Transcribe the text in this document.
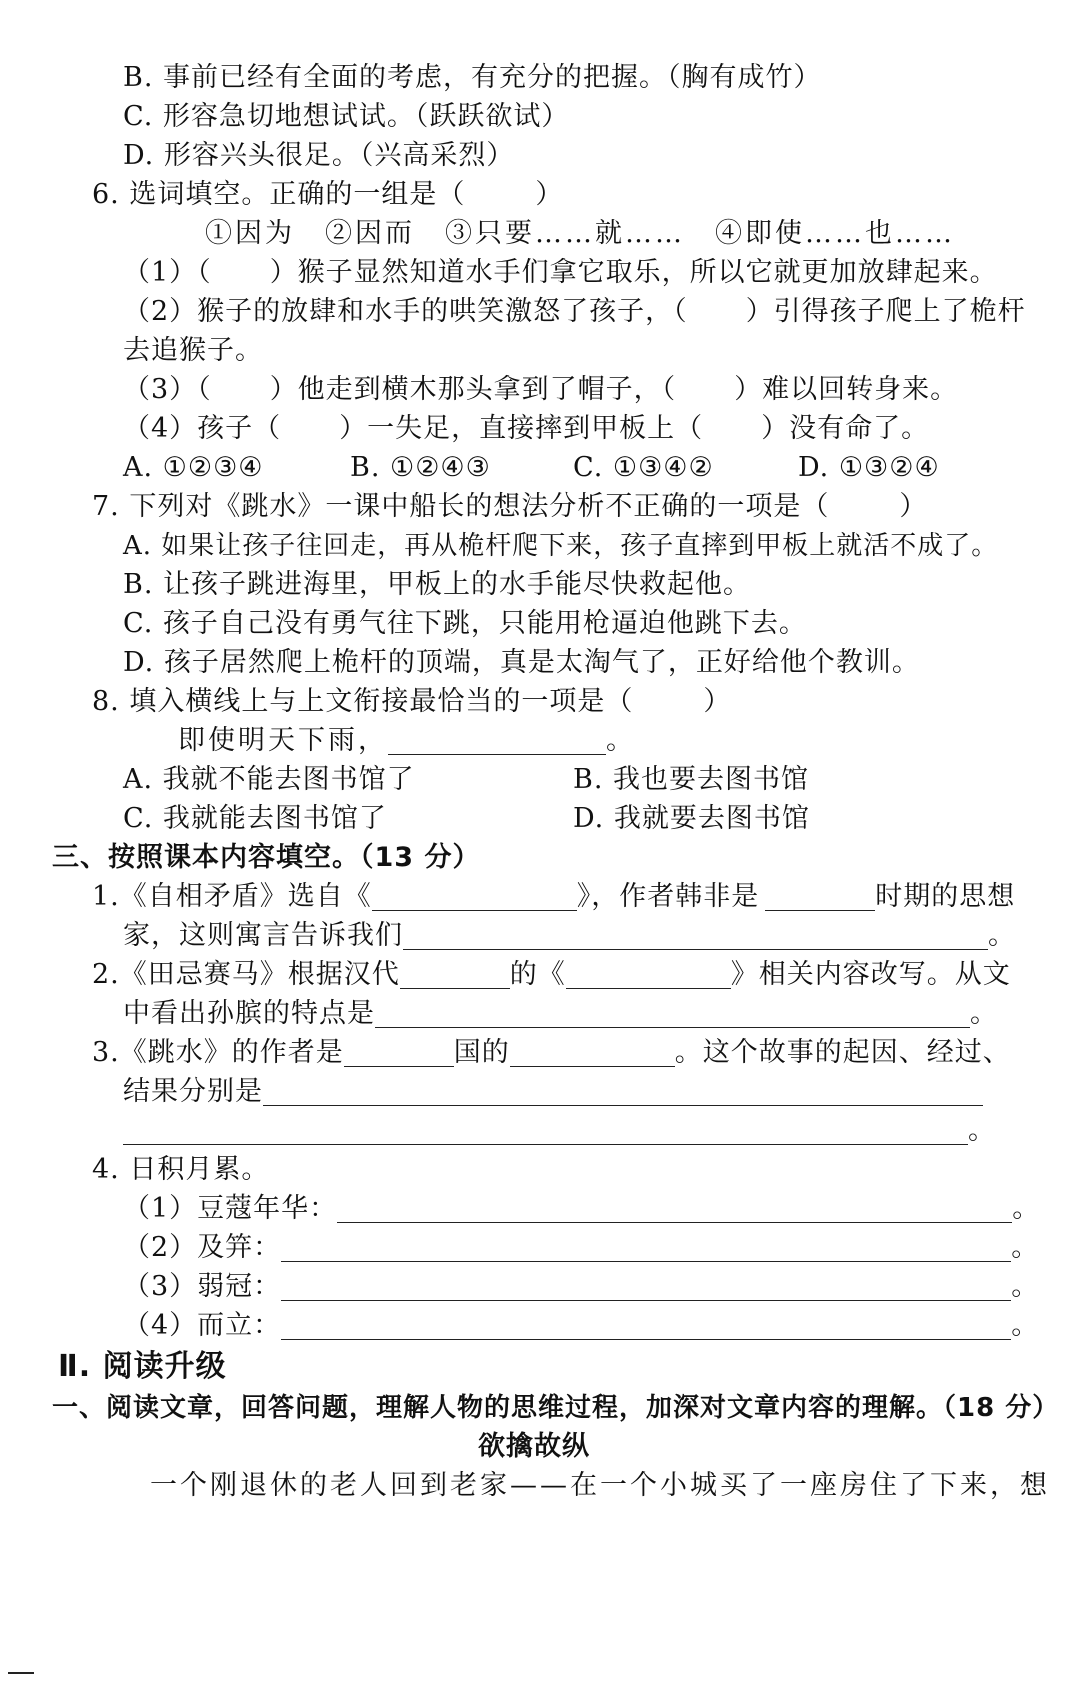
B. 事前已经有全面的考虑，有充分的把握。（胸有成竹）
C. 形容急切地想试试。（跃跃欲试）
D. 形容兴头很足。（兴高采烈）
6. 选词填空。正确的一组是（	）
①因为　②因而　③只要……就……　④即使……也……
（1）（ ）猴子显然知道水手们拿它取乐，所以它就更加放肆起来。
（2）猴子的放肆和水手的哄笑激怒了孩子，（ ）引得孩子爬上了桅杆
去追猴子。
（3）（ ）他走到横木那头拿到了帽子，（ ）难以回转身来。
（4）孩子（ ）一失足，直接摔到甲板上（ ）没有命了。
A. ①②③④	B. ①②④③	C. ①③④②	D. ①③②④
7. 下列对《跳水》一课中船长的想法分析不正确的一项是（	）
A. 如果让孩子往回走，再从桅杆爬下来，孩子直摔到甲板上就活不成了。
B. 让孩子跳进海里，甲板上的水手能尽快救起他。
C. 孩子自己没有勇气往下跳，只能用枪逼迫他跳下去。
D. 孩子居然爬上桅杆的顶端，真是太淘气了，正好给他个教训。
8. 填入横线上与上文衔接最恰当的一项是（	）
即使明天下雨，	。
A. 我就不能去图书馆了	B. 我也要去图书馆
C. 我就能去图书馆了	D. 我就要去图书馆
三、按照课本内容填空。（13 分）
1.《自相矛盾》选自《	》，作者韩非是	时期的思想
家，这则寓言告诉我们	。
2.《田忌赛马》根据汉代	的《	》相关内容改写。从文
中看出孙膑的特点是	。
3.《跳水》的作者是	国的	。这个故事的起因、经过、
结果分别是
。
4. 日积月累。
（1）豆蔻年华：	。
（2）及笄：	。
（3）弱冠：	。
（4）而立：	。
Ⅱ. 阅读升级
一、阅读文章，回答问题，理解人物的思维过程，加深对文章内容的理解。（18 分）
欲擒故纵
一个刚退休的老人回到老家——在一个小城买了一座房住了下来，想
